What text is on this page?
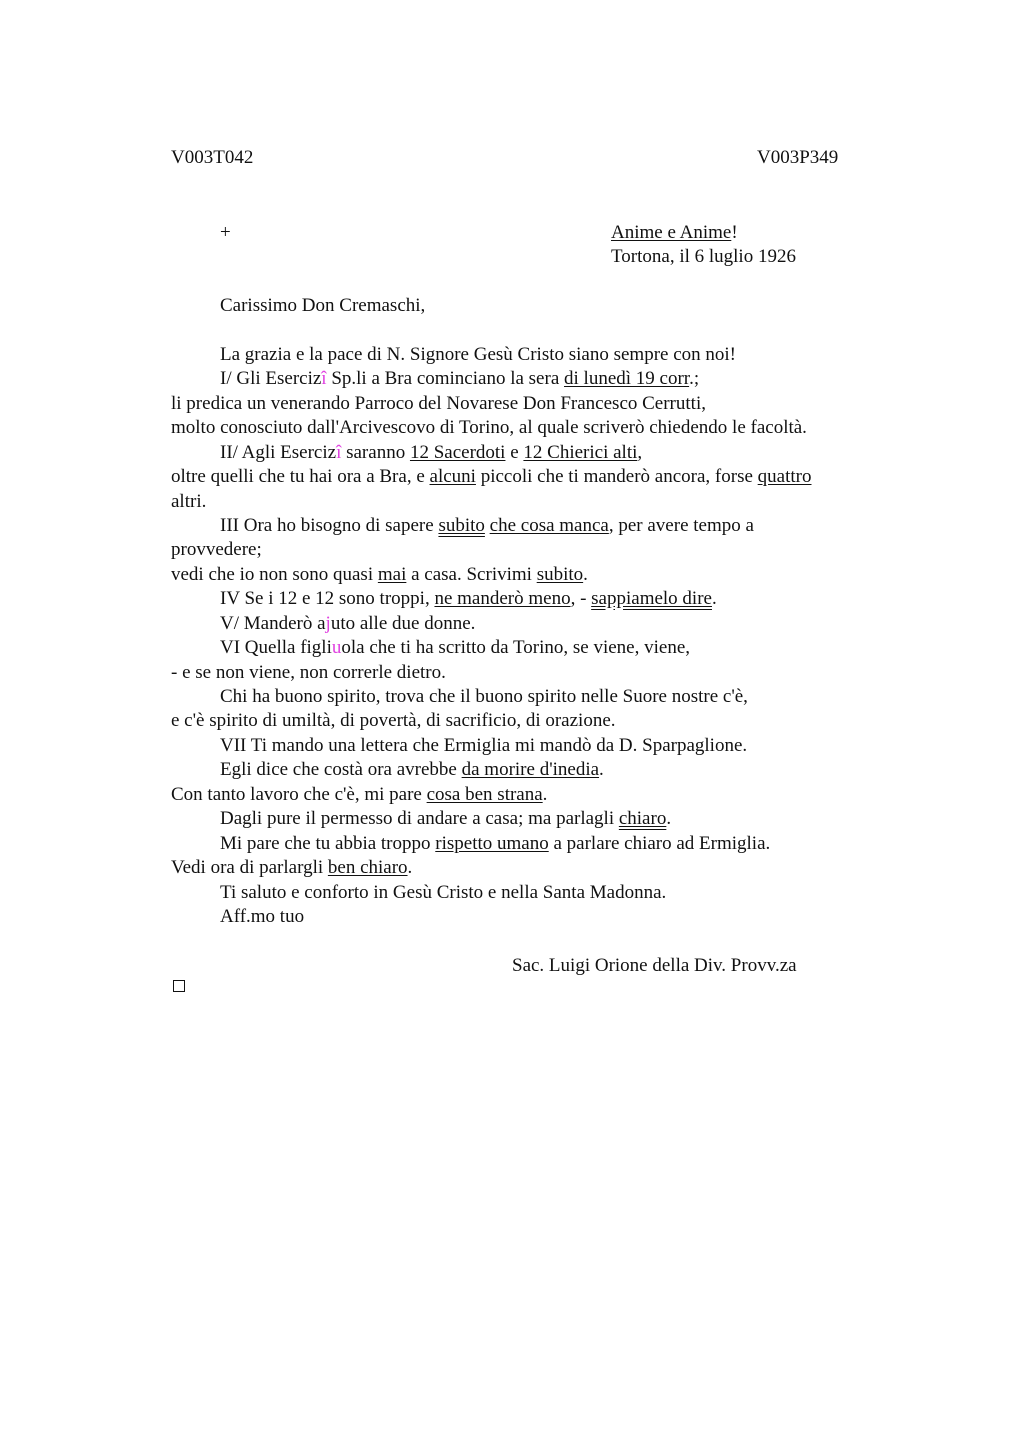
V003T042	V003P349
+	Anime e Anime!
Tortona, il 6 luglio 1926
Carissimo Don Cremaschi,
La grazia e la pace di N. Signore Gesù Cristo siano sempre con noi!
I/ Gli Esercizî Sp.li a Bra cominciano la sera di lunedì 19 corr.;
li predica un venerando Parroco del Novarese Don Francesco Cerrutti,
molto conosciuto dall'Arcivescovo di Torino, al quale scriverò chiedendo le facoltà.
II/ Agli Esercizî saranno 12 Sacerdoti e 12 Chierici alti,
oltre quelli che tu hai ora a Bra, e alcuni piccoli che ti manderò ancora, forse quattro
altri.
III Ora ho bisogno di sapere subito che cosa manca, per avere tempo a
provvedere;
vedi che io non sono quasi mai a casa. Scrivimi subito.
IV Se i 12 e 12 sono troppi, ne manderò meno, - sappiamelo dire.
V/ Manderò ajuto alle due donne.
VI Quella figliuola che ti ha scritto da Torino, se viene, viene,
- e se non viene, non correrle dietro.
Chi ha buono spirito, trova che il buono spirito nelle Suore nostre c'è,
e c'è spirito di umiltà, di povertà, di sacrificio, di orazione.
VII Ti mando una lettera che Ermiglia mi mandò da D. Sparpaglione.
Egli dice che costà ora avrebbe da morire d'inedia.
Con tanto lavoro che c'è, mi pare cosa ben strana.
Dagli pure il permesso di andare a casa; ma parlagli chiaro.
Mi pare che tu abbia troppo rispetto umano a parlare chiaro ad Ermiglia.
Vedi ora di parlargli ben chiaro.
Ti saluto e conforto in Gesù Cristo e nella Santa Madonna.
Aff.mo tuo
Sac. Luigi Orione della Div. Provv.za
